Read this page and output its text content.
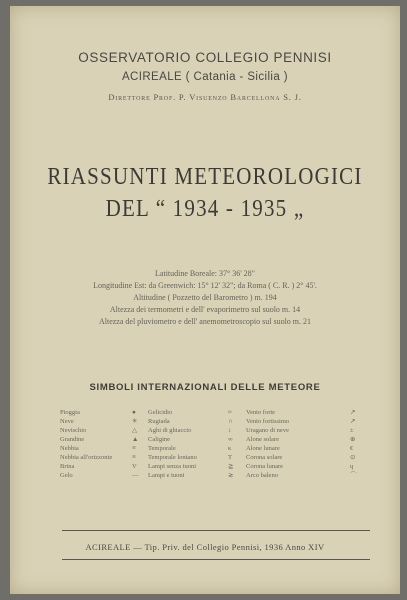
OSSERVATORIO COLLEGIO PENNISI
ACIREALE ( Catania - Sicilia )
Direttore Prof. P. Visuenzo Barcellona S. J.
RIASSUNTI METEOROLOGICI
DEL “ 1934 - 1935 „
Latitudine Boreale: 37° 36' 28"
Longitudine Est: da Greenwich: 15° 12' 32"; da Roma ( C. R. ) 2° 45'.
Altitudine ( Pozzetto del Barometro ) m. 194
Altezza dei termometri e dell' evaporimetro sul suolo m. 14
Altezza del pluviometro e dell' anemometroscopio sul suolo m. 21
SIMBOLI INTERNAZIONALI DELLE METEORE
Pioggia	● Gelicidio	≈ Vento forte	↗
Neve	✳ Rugiada	∩ Vento fortissimo	↗
Nevischio	△ Aghi di ghiaccio	↕ Uragano di neve	±
Grandine	▲ Caligine	∞ Alone solare	⊕
Nebbia	≡ Temporale	κ Alone lunare	€
Nebbia all'orizzonte	≡ Temporale lontano	T Corona solare	⊙
Brina	V Lampi senza tuoni	≧ Corona lunare	ɥ
Gelo	— Lampi e tuoni	≳ Arco baleno	⌒
ACIREALE — Tip. Priv. del Collegio Pennisi, 1936 Anno XIV
